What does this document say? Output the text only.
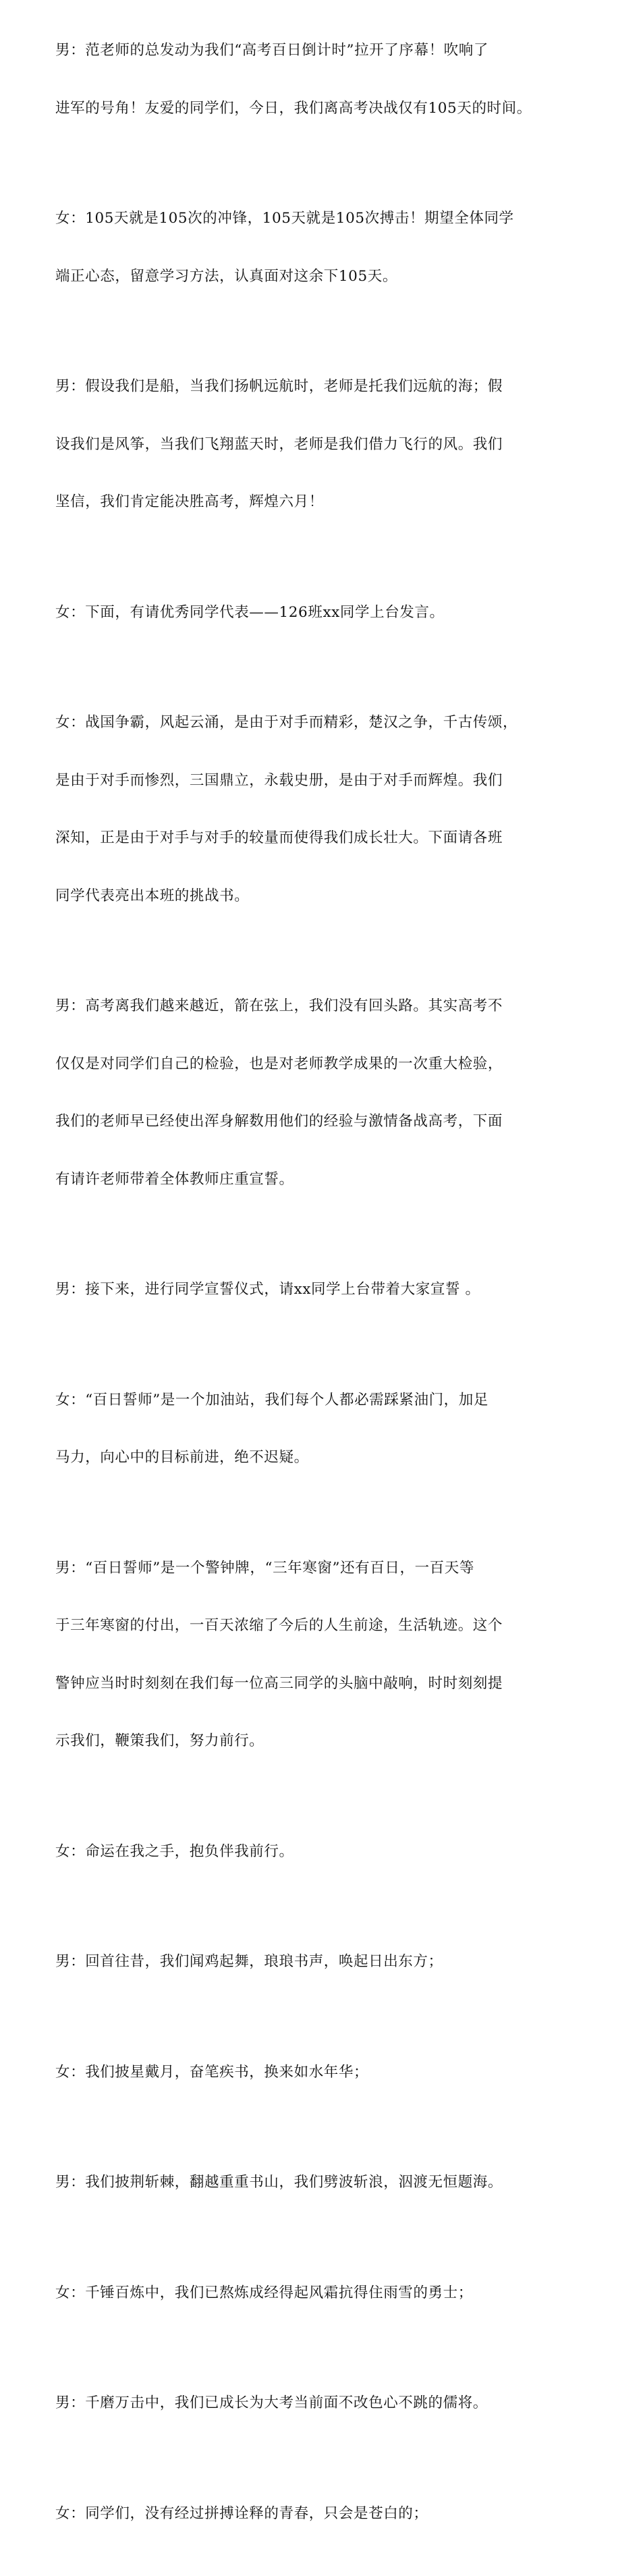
男：范老师的总发动为我们“高考百日倒计时”拉开了序幕！吹响了

进军的号角！友爱的同学们，今日，我们离高考决战仅有105天的时间。

女：105天就是105次的冲锋，105天就是105次搏击！期望全体同学

端正心态，留意学习方法，认真面对这余下105天。

男：假设我们是船，当我们扬帆远航时，老师是托我们远航的海；假

设我们是风筝，当我们飞翔蓝天时，老师是我们借力飞行的风。我们

坚信，我们肯定能决胜高考，辉煌六月！

女：下面，有请优秀同学代表——126班xx同学上台发言。

女：战国争霸，风起云涌，是由于对手而精彩，楚汉之争，千古传颂，

是由于对手而惨烈，三国鼎立，永载史册，是由于对手而辉煌。我们

深知，正是由于对手与对手的较量而使得我们成长壮大。下面请各班

同学代表亮出本班的挑战书。

男：高考离我们越来越近，箭在弦上，我们没有回头路。其实高考不

仅仅是对同学们自己的检验，也是对老师教学成果的一次重大检验，

我们的老师早已经使出浑身解数用他们的经验与激情备战高考，下面

有请许老师带着全体教师庄重宣誓。

男：接下来，进行同学宣誓仪式，请xx同学上台带着大家宣誓 。

女：“百日誓师”是一个加油站，我们每个人都必需踩紧油门，加足

马力，向心中的目标前进，绝不迟疑。

男：“百日誓师”是一个警钟牌，“三年寒窗”还有百日，一百天等

于三年寒窗的付出，一百天浓缩了今后的人生前途，生活轨迹。这个

警钟应当时时刻刻在我们每一位高三同学的头脑中敲响，时时刻刻提

示我们，鞭策我们，努力前行。

女：命运在我之手，抱负伴我前行。

男：回首往昔，我们闻鸡起舞，琅琅书声，唤起日出东方；

女：我们披星戴月，奋笔疾书，换来如水年华；

男：我们披荆斩棘，翻越重重书山，我们劈波斩浪，泅渡无恒题海。

女：千锤百炼中，我们已熬炼成经得起风霜抗得住雨雪的勇士；

男：千磨万击中，我们已成长为大考当前面不改色心不跳的儒将。

女：同学们，没有经过拼搏诠释的青春，只会是苍白的；
